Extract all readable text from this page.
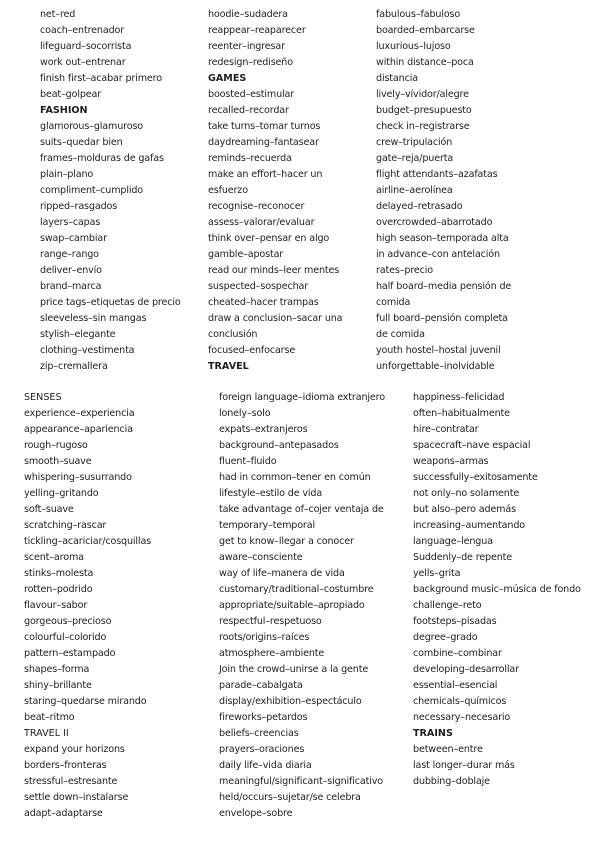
net–red
coach–entrenador
lifeguard–socorrista
work out–entrenar
finish first–acabar primero
beat–golpear
FASHION
glamorous–glamuroso
suits–quedar bien
frames–molduras de gafas
plain–plano
compliment–cumplido
ripped–rasgados
layers–capas
swap–cambiar
range–rango
deliver–envío
brand–marca
price tags–etiquetas de precio
sleeveless–sin mangas
stylish–elegante
clothing–vestimenta
zip–cremallera
hoodie–sudadera
reappear–reaparecer
reenter–ingresar
redesign–rediseño
GAMES
boosted–estimular
recalled–recordar
take turns–tomar turnos
daydreaming–fantasear
reminds–recuerda
make an effort–hacer un
esfuerzo
recognise–reconocer
assess–valorar/evaluar
think over–pensar en algo
gamble–apostar
read our minds–leer mentes
suspected–sospechar
cheated–hacer trampas
draw a conclusion–sacar una
conclusión
focused–enfocarse
TRAVEL
fabulous–fabuloso
boarded–embarcarse
luxurious–lujoso
within distance–poca
distancia
lively–vívidor/alegre
budget–presupuesto
check in–registrarse
crew–tripulación
gate–reja/puerta
flight attendants–azafatas
airline–aerolínea
delayed–retrasado
overcrowded–abarrotado
high season–temporada alta
in advance–con antelación
rates–precio
half board–media pensión de
comida
full board–pensión completa
de comida
youth hostel–hostal juvenil
unforgettable–inolvidable
SENSES
experience–experiencia
appearance–apariencia
rough–rugoso
smooth–suave
whispering–susurrando
yelling–gritando
soft–suave
scratching–rascar
tickling–acariciar/cosquillas
scent–aroma
stinks–molesta
rotten–podrido
flavour–sabor
gorgeous–precioso
colourful–colorido
pattern–estampado
shapes–forma
shiny–brillante
staring–quedarse mirando
beat–ritmo
TRAVEL II
expand your horizons
borders–fronteras
stressful–estresante
settle down–instalarse
adapt–adaptarse
foreign language–idioma extranjero
lonely–solo
expats–extranjeros
background–antepasados
fluent–fluido
had in common–tener en común
lifestyle–estilo de vida
take advantage of–cojer ventaja de
temporary–temporal
get to know–llegar a conocer
aware–consciente
way of life–manera de vida
customary/traditional–costumbre
appropriate/suitable–apropiado
respectful–respetuoso
roots/origins–raíces
atmosphere–ambiente
Join the crowd–unirse a la gente
parade–cabalgata
display/exhibition–espectáculo
fireworks–petardos
beliefs–creencias
prayers–oraciones
daily life–vida diaria
meaningful/significant–significativo
held/occurs–sujetar/se celebra
envelope–sobre
happiness–felicidad
often–habitualmente
hire–contratar
spacecraft–nave espacial
weapons–armas
successfully–exitosamente
not only–no solamente
but also–pero además
increasing–aumentando
language–lengua
Suddenly–de repente
yells–grita
background music–música de fondo
challenge–reto
footsteps–pisadas
degree–grado
combine–combinar
developing–desarrollar
essential–esencial
chemicals–químicos
necessary–necesario
TRAINS
between–entre
last longer–durar más
dubbing–doblaje
